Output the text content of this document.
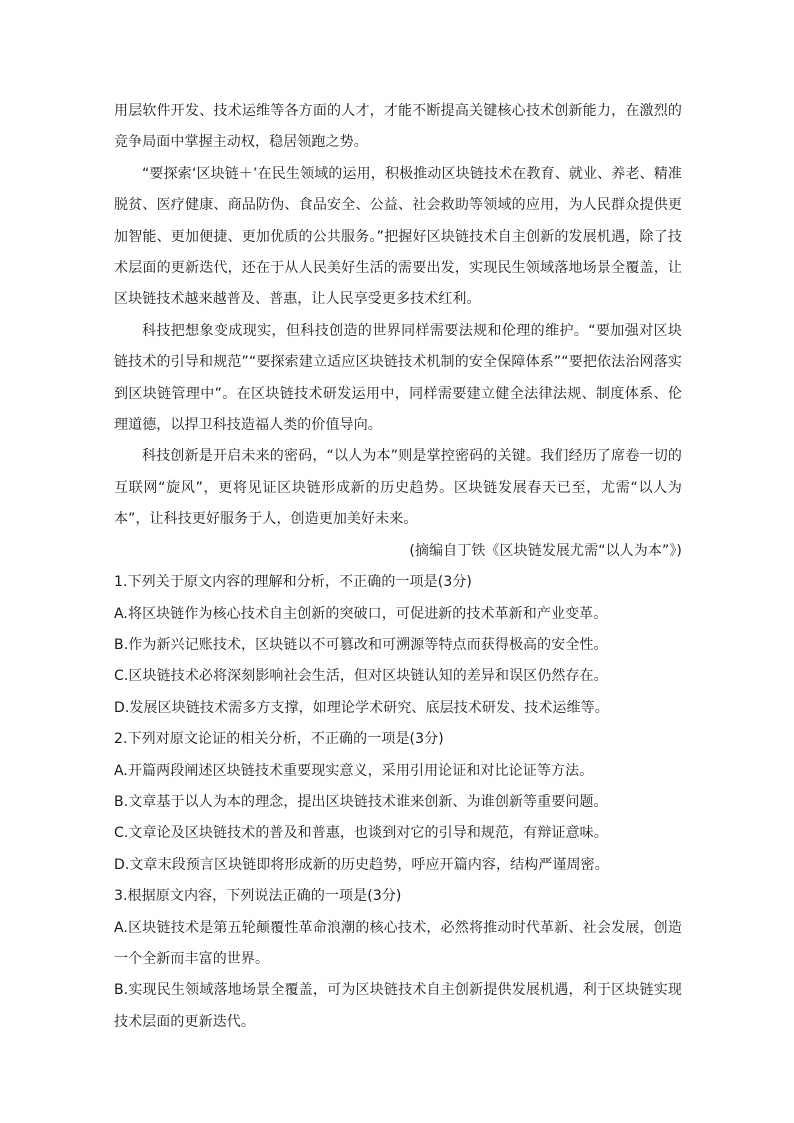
用层软件开发、技术运维等各方面的人才，才能不断提高关键核心技术创新能力，在激烈的竞争局面中掌握主动权，稳居领跑之势。

“要探索‘区块链＋’在民生领域的运用，积极推动区块链技术在教育、就业、养老、精准脱贫、医疗健康、商品防伪、食品安全、公益、社会救助等领域的应用，为人民群众提供更加智能、更加便捷、更加优质的公共服务。”把握好区块链技术自主创新的发展机遇，除了技术层面的更新迭代，还在于从人民美好生活的需要出发，实现民生领域落地场景全覆盖，让区块链技术越来越普及、普惠，让人民享受更多技术红利。

科技把想象变成现实，但科技创造的世界同样需要法规和伦理的维护。“要加强对区块链技术的引导和规范”“要探索建立适应区块链技术机制的安全保障体系”“要把依法治网落实到区块链管理中”。在区块链技术研发运用中，同样需要建立健全法律法规、制度体系、伦理道德，以捍卫科技造福人类的价值导向。

科技创新是开启未来的密码，“以人为本”则是掌控密码的关键。我们经历了席卷一切的互联网“旋风”，更将见证区块链形成新的历史趋势。区块链发展春天已至，尤需“以人为本”，让科技更好服务于人，创造更加美好未来。

(摘编自丁铁《区块链发展尤需“以人为本”》)

1.下列关于原文内容的理解和分析，不正确的一项是(3分)

A.将区块链作为核心技术自主创新的突破口，可促进新的技术革新和产业变革。

B.作为新兴记账技术，区块链以不可篡改和可溯源等特点而获得极高的安全性。

C.区块链技术必将深刻影响社会生活，但对区块链认知的差异和误区仍然存在。

D.发展区块链技术需多方支撑，如理论学术研究、底层技术研发、技术运维等。

2.下列对原文论证的相关分析，不正确的一项是(3分)

A.开篇两段阐述区块链技术重要现实意义，采用引用论证和对比论证等方法。

B.文章基于以人为本的理念，提出区块链技术谁来创新、为谁创新等重要问题。

C.文章论及区块链技术的普及和普惠，也谈到对它的引导和规范，有辩证意味。

D.文章末段预言区块链即将形成新的历史趋势，呼应开篇内容，结构严谨周密。

3.根据原文内容，下列说法正确的一项是(3分)

A.区块链技术是第五轮颠覆性革命浪潮的核心技术，必然将推动时代革新、社会发展，创造一个全新而丰富的世界。

B.实现民生领域落地场景全覆盖，可为区块链技术自主创新提供发展机遇，利于区块链实现技术层面的更新迭代。
